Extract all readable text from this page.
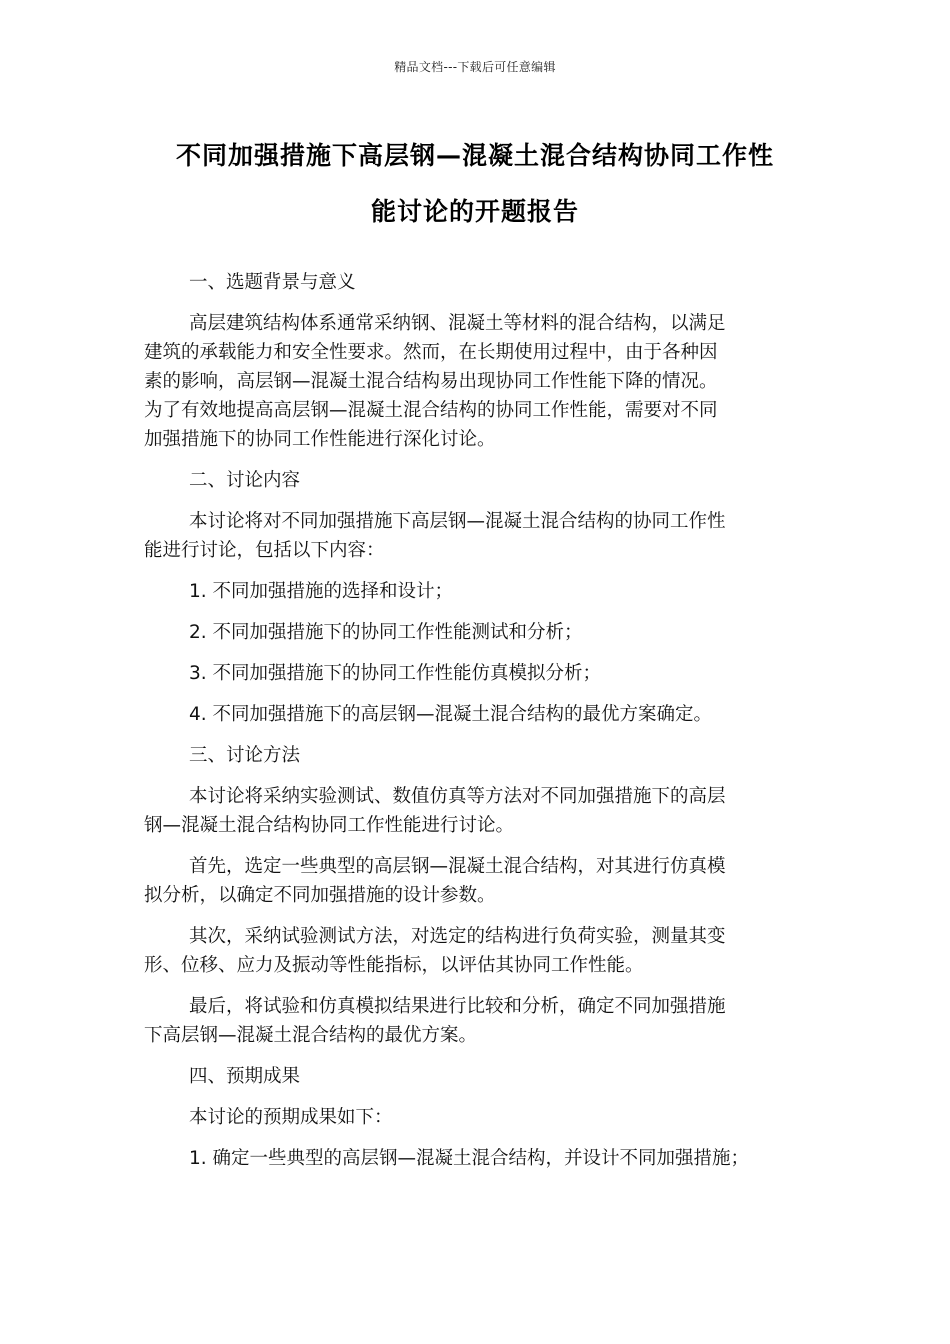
精品文档---下载后可任意编辑
不同加强措施下高层钢—混凝土混合结构协同工作性
能讨论的开题报告
一、选题背景与意义
高层建筑结构体系通常采纳钢、混凝土等材料的混合结构，以满足
建筑的承载能力和安全性要求。然而，在长期使用过程中，由于各种因
素的影响，高层钢—混凝土混合结构易出现协同工作性能下降的情况。
为了有效地提高高层钢—混凝土混合结构的协同工作性能，需要对不同
加强措施下的协同工作性能进行深化讨论。
二、讨论内容
本讨论将对不同加强措施下高层钢—混凝土混合结构的协同工作性
能进行讨论，包括以下内容：
1. 不同加强措施的选择和设计；
2. 不同加强措施下的协同工作性能测试和分析；
3. 不同加强措施下的协同工作性能仿真模拟分析；
4. 不同加强措施下的高层钢—混凝土混合结构的最优方案确定。
三、讨论方法
本讨论将采纳实验测试、数值仿真等方法对不同加强措施下的高层
钢—混凝土混合结构协同工作性能进行讨论。
首先，选定一些典型的高层钢—混凝土混合结构，对其进行仿真模
拟分析，以确定不同加强措施的设计参数。
其次，采纳试验测试方法，对选定的结构进行负荷实验，测量其变
形、位移、应力及振动等性能指标，以评估其协同工作性能。
最后，将试验和仿真模拟结果进行比较和分析，确定不同加强措施
下高层钢—混凝土混合结构的最优方案。
四、预期成果
本讨论的预期成果如下：
1. 确定一些典型的高层钢—混凝土混合结构，并设计不同加强措施；
